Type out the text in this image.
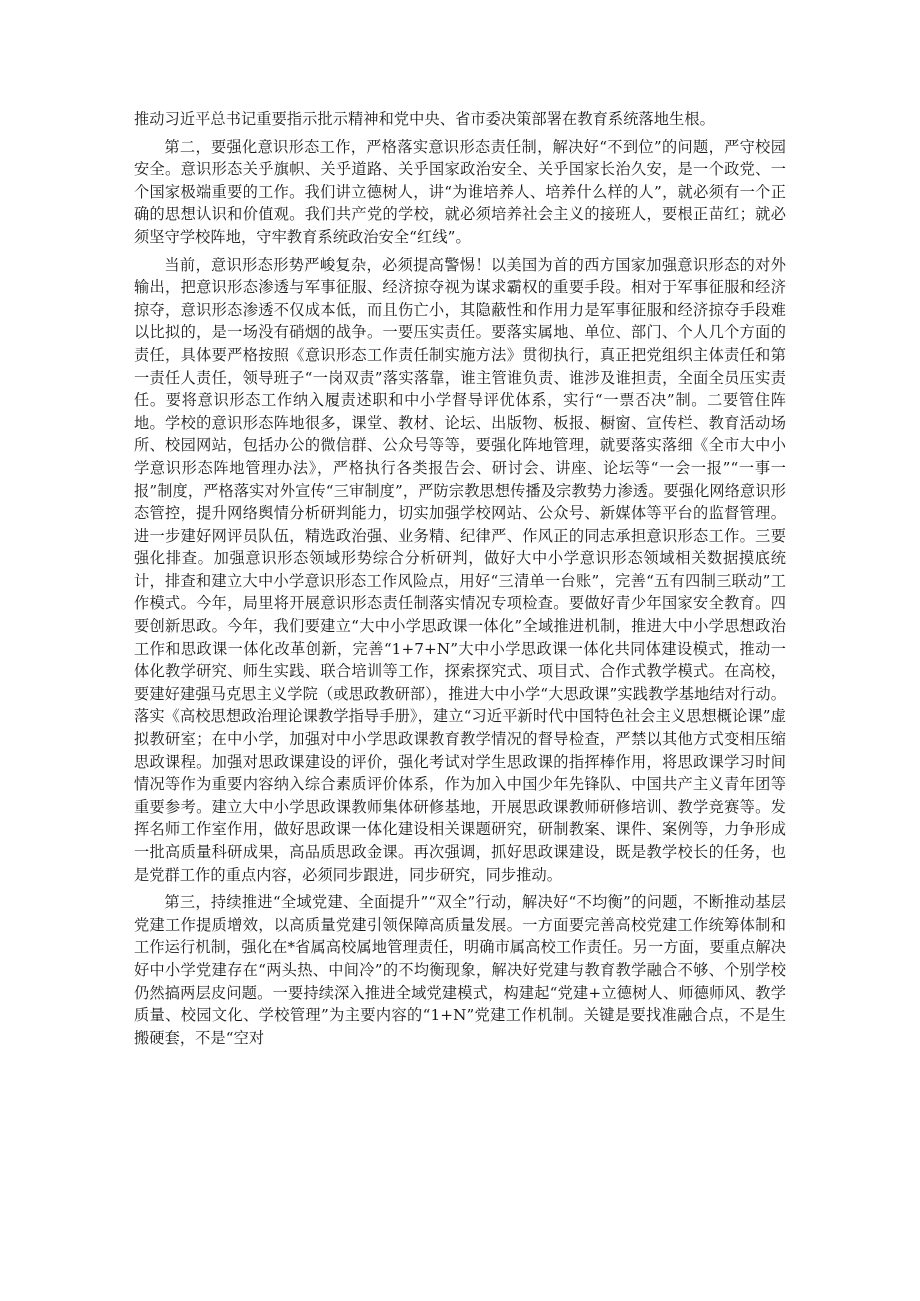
推动习近平总书记重要指示批示精神和党中央、省市委决策部署在教育系统落地生根。

第二，要强化意识形态工作，严格落实意识形态责任制，解决好“不到位”的问题，严守校园安全。意识形态关乎旗帜、关乎道路、关乎国家政治安全、关乎国家长治久安，是一个政党、一个国家极端重要的工作。我们讲立德树人，讲“为谁培养人、培养什么样的人”，就必须有一个正确的思想认识和价值观。我们共产党的学校，就必须培养社会主义的接班人，要根正苗红；就必须坚守学校阵地，守牢教育系统政治安全“红线”。

当前，意识形态形势严峻复杂，必须提高警惕！以美国为首的西方国家加强意识形态的对外输出，把意识形态渗透与军事征服、经济掠夺视为谋求霸权的重要手段。相对于军事征服和经济掠夺，意识形态渗透不仅成本低，而且伤亡小，其隐蔽性和作用力是军事征服和经济掠夺手段难以比拟的，是一场没有硝烟的战争。一要压实责任。要落实属地、单位、部门、个人几个方面的责任，具体要严格按照《意识形态工作责任制实施方法》贯彻执行，真正把党组织主体责任和第一责任人责任，领导班子“一岗双责”落实落靠，谁主管谁负责、谁涉及谁担责，全面全员压实责任。要将意识形态工作纳入履责述职和中小学督导评优体系，实行“一票否决”制。二要管住阵地。学校的意识形态阵地很多，课堂、教材、论坛、出版物、板报、橱窗、宣传栏、教育活动场所、校园网站，包括办公的微信群、公众号等等，要强化阵地管理，就要落实落细《全市大中小学意识形态阵地管理办法》，严格执行各类报告会、研讨会、讲座、论坛等“一会一报”“一事一报”制度，严格落实对外宣传“三审制度”，严防宗教思想传播及宗教势力渗透。要强化网络意识形态管控，提升网络舆情分析研判能力，切实加强学校网站、公众号、新媒体等平台的监督管理。进一步建好网评员队伍，精选政治强、业务精、纪律严、作风正的同志承担意识形态工作。三要强化排查。加强意识形态领域形势综合分析研判，做好大中小学意识形态领域相关数据摸底统计，排查和建立大中小学意识形态工作风险点，用好“三清单一台账”，完善“五有四制三联动”工作模式。今年，局里将开展意识形态责任制落实情况专项检查。要做好青少年国家安全教育。四要创新思政。今年，我们要建立“大中小学思政课一体化”全域推进机制，推进大中小学思想政治工作和思政课一体化改革创新，完善“1+7+N”大中小学思政课一体化共同体建设模式，推动一体化教学研究、师生实践、联合培训等工作，探索探究式、项目式、合作式教学模式。在高校，要建好建强马克思主义学院（或思政教研部），推进大中小学“大思政课”实践教学基地结对行动。落实《高校思想政治理论课教学指导手册》，建立“习近平新时代中国特色社会主义思想概论课”虚拟教研室；在中小学，加强对中小学思政课教育教学情况的督导检查，严禁以其他方式变相压缩思政课程。加强对思政课建设的评价，强化考试对学生思政课的指挥棒作用，将思政课学习时间情况等作为重要内容纳入综合素质评价体系，作为加入中国少年先锋队、中国共产主义青年团等重要参考。建立大中小学思政课教师集体研修基地，开展思政课教师研修培训、教学竞赛等。发挥名师工作室作用，做好思政课一体化建设相关课题研究，研制教案、课件、案例等，力争形成一批高质量科研成果，高品质思政金课。再次强调，抓好思政课建设，既是教学校长的任务，也是党群工作的重点内容，必须同步跟进，同步研究，同步推动。

第三，持续推进“全域党建、全面提升”“双全”行动，解决好“不均衡”的问题，不断推动基层党建工作提质增效，以高质量党建引领保障高质量发展。一方面要完善高校党建工作统筹体制和工作运行机制，强化在*省属高校属地管理责任，明确市属高校工作责任。另一方面，要重点解决好中小学党建存在“两头热、中间冷”的不均衡现象，解决好党建与教育教学融合不够、个别学校仍然搞两层皮问题。一要持续深入推进全域党建模式，构建起“党建+立德树人、师德师风、教学质量、校园文化、学校管理”为主要内容的“1+N”党建工作机制。关键是要找准融合点，不是生搬硬套，不是“空对
